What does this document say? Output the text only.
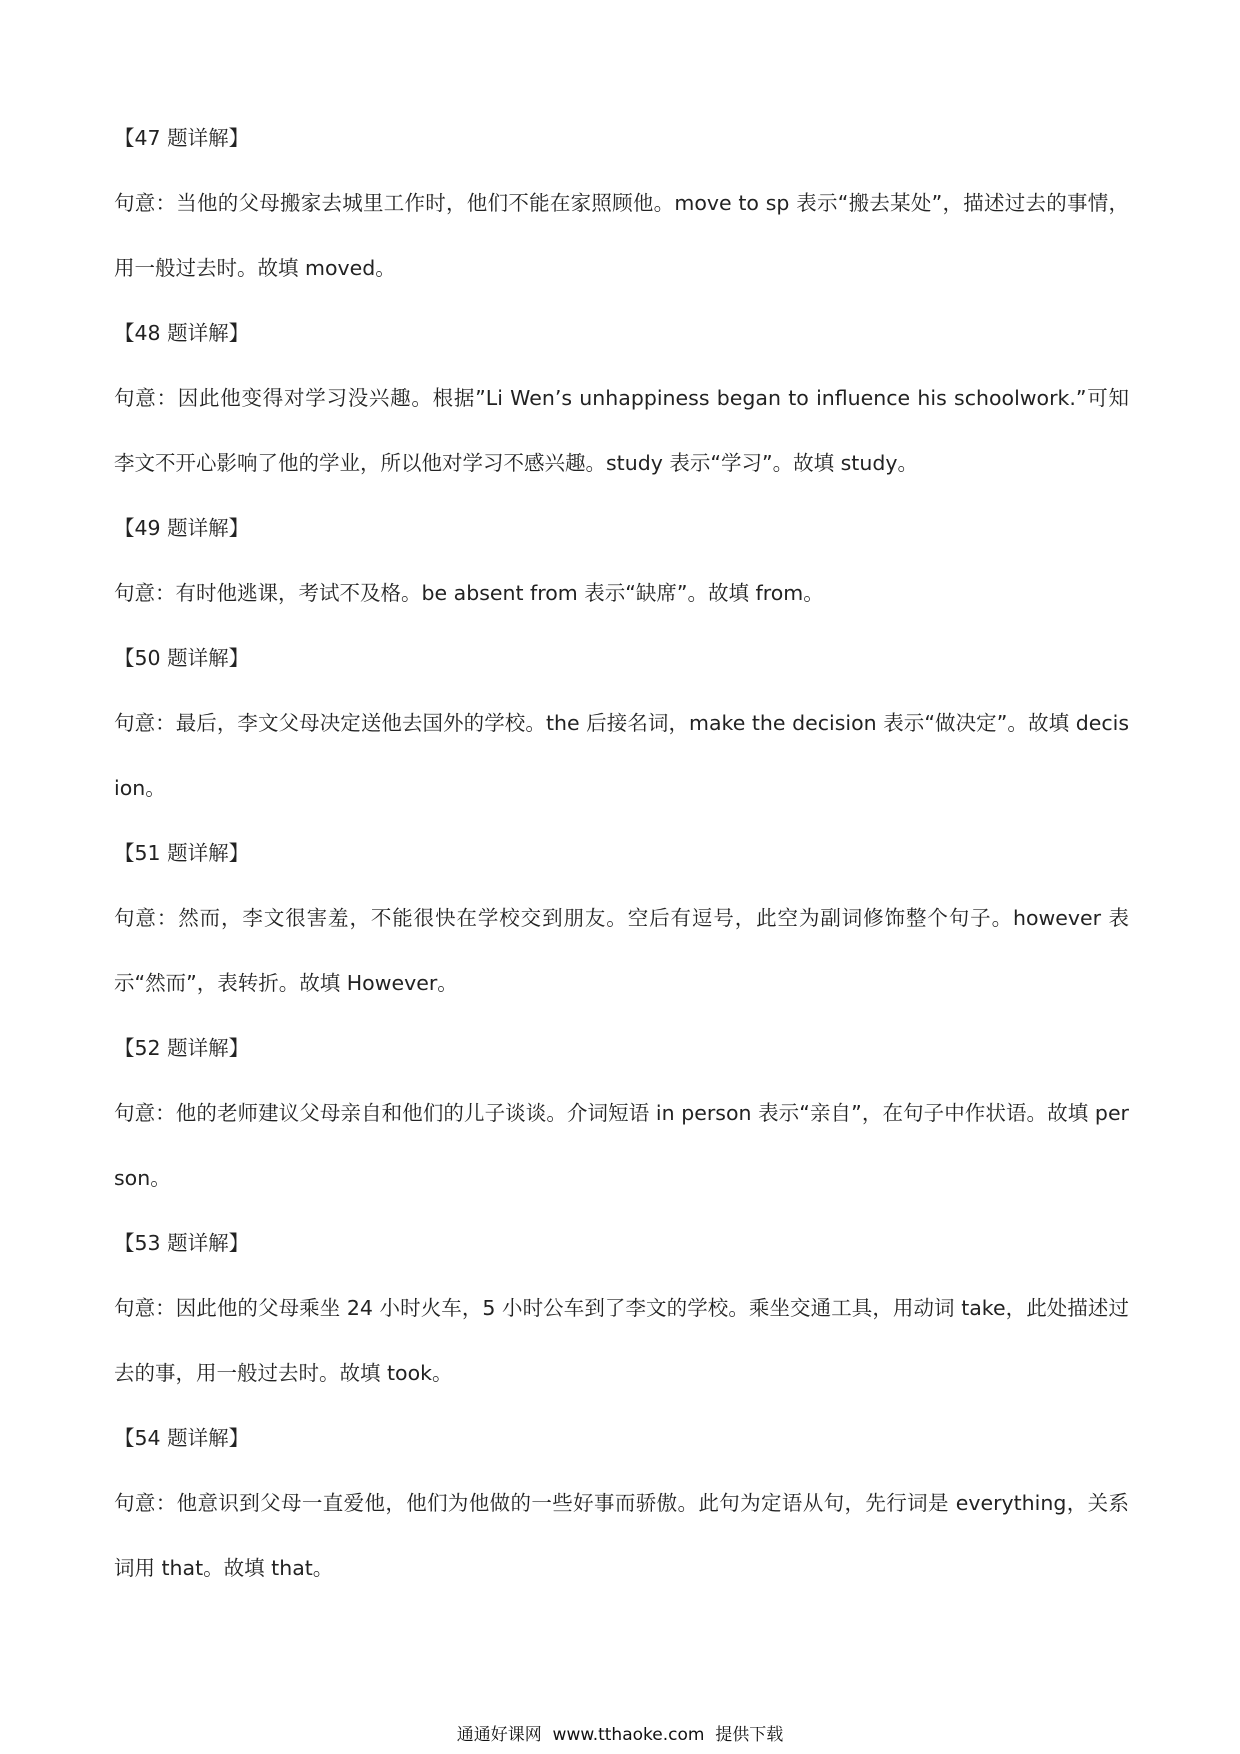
【47 题详解】

句意：当他的父母搬家去城里工作时，他们不能在家照顾他。move to sp 表示“搬去某处”，描述过去的事情，用一般过去时。故填 moved。

【48 题详解】

句意：因此他变得对学习没兴趣。根据”Li Wen’s unhappiness began to influence his schoolwork.”可知李文不开心影响了他的学业，所以他对学习不感兴趣。study 表示“学习”。故填 study。

【49 题详解】

句意：有时他逃课，考试不及格。be absent from 表示“缺席”。故填 from。

【50 题详解】

句意：最后，李文父母决定送他去国外的学校。the 后接名词，make the decision 表示“做决定”。故填 decision。

【51 题详解】

句意：然而，李文很害羞，不能很快在学校交到朋友。空后有逗号，此空为副词修饰整个句子。however 表示“然而”，表转折。故填 However。

【52 题详解】

句意：他的老师建议父母亲自和他们的儿子谈谈。介词短语 in person 表示“亲自”，在句子中作状语。故填 person。

【53 题详解】

句意：因此他的父母乘坐 24 小时火车，5 小时公车到了李文的学校。乘坐交通工具，用动词 take，此处描述过去的事，用一般过去时。故填 took。

【54 题详解】

句意：他意识到父母一直爱他，他们为他做的一些好事而骄傲。此句为定语从句，先行词是 everything，关系词用 that。故填 that。

通通好课网  www.tthaoke.com  提供下载
